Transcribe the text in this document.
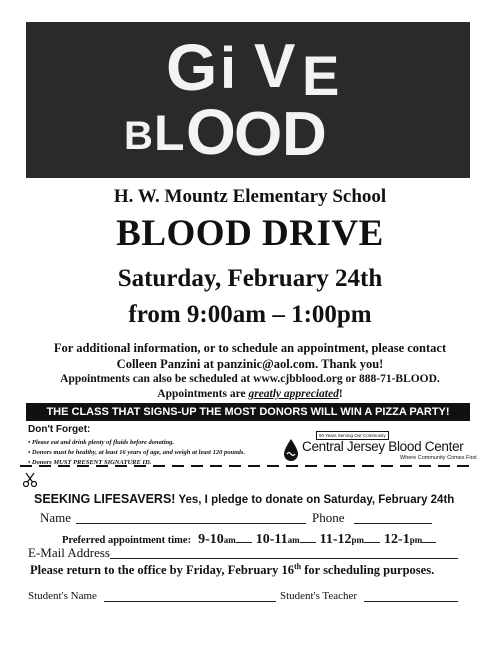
G i V E
B L O
O D
H. W. Mountz Elementary School
BLOOD DRIVE
Saturday, February 24th
from 9:00am – 1:00pm
For additional information, or to schedule an appointment, please contact
Colleen Panzini at panzinic@aol.com. Thank you!
Appointments can also be scheduled at www.cjbblood.org or 888-71-BLOOD.
Appointments are greatly appreciated!
THE CLASS THAT SIGNS-UP THE MOST DONORS WILL WIN A PIZZA PARTY!
Don't Forget:
• Please eat and drink plenty of fluids before donating.
• Donors must be healthy, at least 16 years of age, and weigh at least 120 pounds.
• Donors MUST PRESENT SIGNATURE ID.
50 Years Serving Our Community
Central Jersey Blood Center
Where Community Comes First
SEEKING LIFESAVERS! Yes, I pledge to donate on Saturday, February 24th
Name	Phone
Preferred appointment time: 9-10am 10-11am 11-12pm 12-1pm
E-Mail Address
Please return to the office by Friday, February 16th for scheduling purposes.
Student's Name	Student's Teacher
